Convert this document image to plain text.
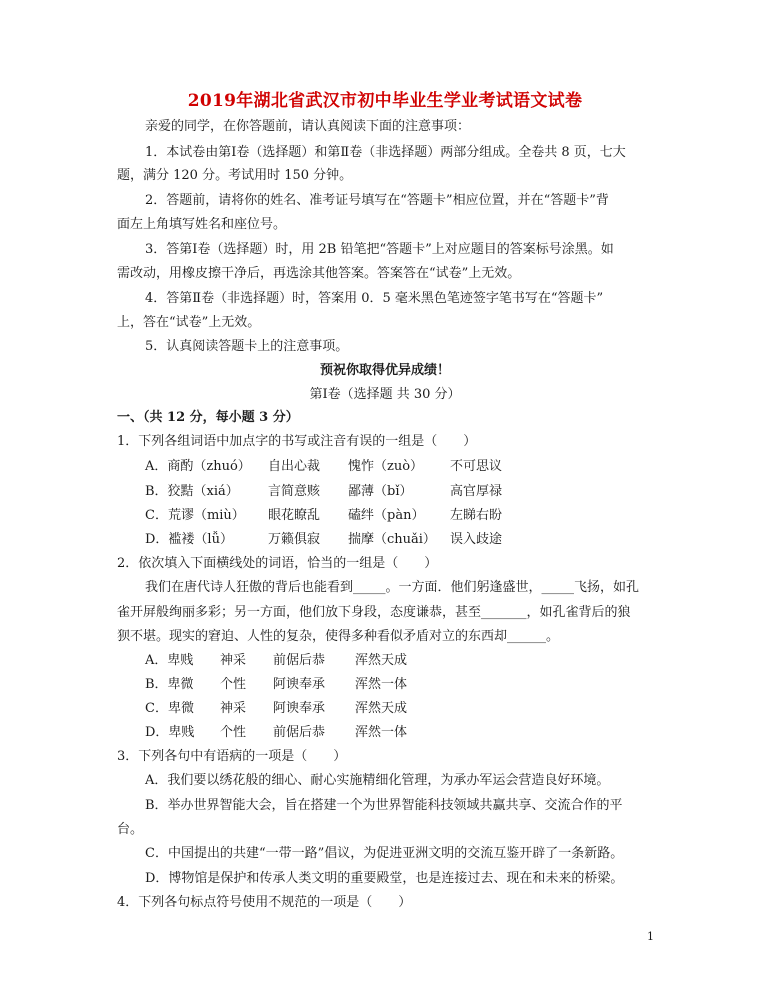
2019年湖北省武汉市初中毕业生学业考试语文试卷
亲爱的同学，在你答题前，请认真阅读下面的注意事项：
1．本试卷由第Ⅰ卷（选择题）和第Ⅱ卷（非选择题）两部分组成。全卷共 8 页，七大
题，满分 120 分。考试用时 150 分钟。
2．答题前，请将你的姓名、准考证号填写在“答题卡”相应位置，并在“答题卡”背
面左上角填写姓名和座位号。
3．答第Ⅰ卷（选择题）时，用 2B 铅笔把“答题卡”上对应题目的答案标号涂黑。如
需改动，用橡皮擦干净后，再选涂其他答案。答案答在“试卷”上无效。
4．答第Ⅱ卷（非选择题）时，答案用 0．5 毫米黑色笔迹签字笔书写在“答题卡”
上，答在“试卷”上无效。
5．认真阅读答题卡上的注意事项。
预祝你取得优异成绩！
第Ⅰ卷（选择题 共 30 分）
一、（共 12 分，每小题 3 分）
1．下列各组词语中加点字的书写或注音有误的一组是（　　）
A．商酌（zhuó） 自出心裁 愧怍（zuò） 不可思议
B．狡黠（xiá） 言简意赅 鄙薄（bǐ）	高官厚禄
C．荒谬（miù） 眼花瞭乱 磕绊（pàn） 左睇右盼
D．褴褛（lǚ）	万籁俱寂 揣摩（chuǎi） 误入歧途
2．依次填入下面横线处的词语，恰当的一组是（　　）
我们在唐代诗人狂傲的背后也能看到_____。一方面．他们躬逢盛世，_____飞扬，如孔
雀开屏般绚丽多彩；另一方面，他们放下身段，态度谦恭，甚至_______，如孔雀背后的狼
狈不堪。现实的窘迫、人性的复杂，使得多种看似矛盾对立的东西却______。
A．卑贱 神采 前倨后恭 浑然天成
B．卑微 个性 阿谀奉承 浑然一体
C．卑微 神采 阿谀奉承 浑然天成
D．卑贱 个性 前倨后恭 浑然一体
3．下列各句中有语病的一项是（　　）
A．我们要以绣花般的细心、耐心实施精细化管理，为承办军运会营造良好环境。
B．举办世界智能大会，旨在搭建一个为世界智能科技领域共赢共享、交流合作的平
台。
C．中国提出的共建“一带一路”倡议，为促进亚洲文明的交流互鉴开辟了一条新路。
D．博物馆是保护和传承人类文明的重要殿堂，也是连接过去、现在和未来的桥梁。
4．下列各句标点符号使用不规范的一项是（　　）
1
